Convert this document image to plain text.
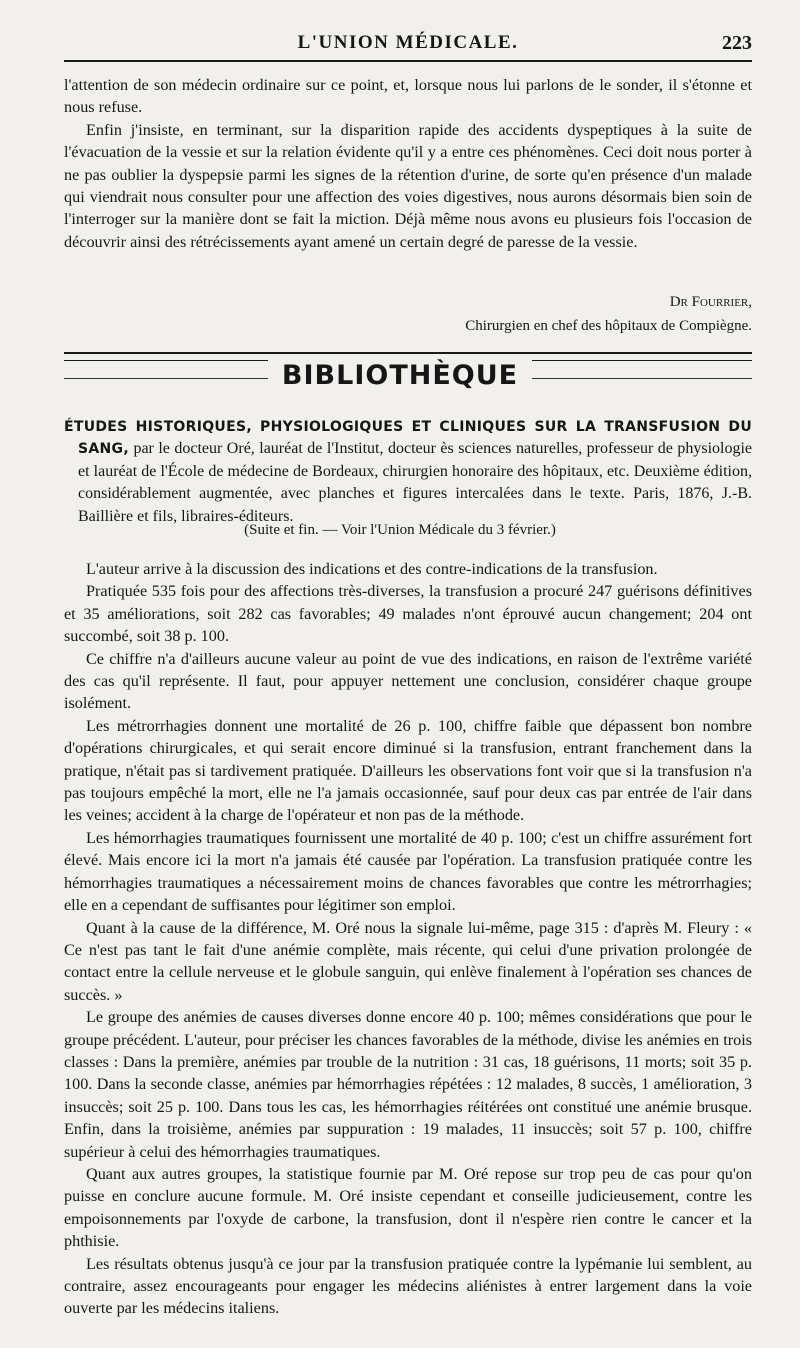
L'UNION MÉDICALE.	223

l'attention de son médecin ordinaire sur ce point, et, lorsque nous lui parlons de le sonder, il s'étonne et nous refuse.

Enfin j'insiste, en terminant, sur la disparition rapide des accidents dyspeptiques à la suite de l'évacuation de la vessie et sur la relation évidente qu'il y a entre ces phénomènes. Ceci doit nous porter à ne pas oublier la dyspepsie parmi les signes de la rétention d'urine, de sorte qu'en présence d'un malade qui viendrait nous consulter pour une affection des voies digestives, nous aurons désormais bien soin de l'interroger sur la manière dont se fait la miction. Déjà même nous avons eu plusieurs fois l'occasion de découvrir ainsi des rétrécissements ayant amené un certain degré de paresse de la vessie.

Dr Fourrier,
Chirurgien en chef des hôpitaux de Compiègne.
BIBLIOTHÈQUE
ÉTUDES HISTORIQUES, PHYSIOLOGIQUES ET CLINIQUES SUR LA TRANSFUSION DU SANG, par le docteur Oré, lauréat de l'Institut, docteur ès sciences naturelles, professeur de physiologie et lauréat de l'École de médecine de Bordeaux, chirurgien honoraire des hôpitaux, etc. Deuxième édition, considérablement augmentée, avec planches et figures intercalées dans le texte. Paris, 1876, J.-B. Baillière et fils, libraires-éditeurs.
(Suite et fin. — Voir l'Union Médicale du 3 février.)

L'auteur arrive à la discussion des indications et des contre-indications de la transfusion.

Pratiquée 535 fois pour des affections très-diverses, la transfusion a procuré 247 guérisons définitives et 35 améliorations, soit 282 cas favorables; 49 malades n'ont éprouvé aucun changement; 204 ont succombé, soit 38 p. 100.

Ce chiffre n'a d'ailleurs aucune valeur au point de vue des indications, en raison de l'extrême variété des cas qu'il représente. Il faut, pour appuyer nettement une conclusion, considérer chaque groupe isolément.

Les métrorrhagies donnent une mortalité de 26 p. 100, chiffre faible que dépassent bon nombre d'opérations chirurgicales, et qui serait encore diminué si la transfusion, entrant franchement dans la pratique, n'était pas si tardivement pratiquée. D'ailleurs les observations font voir que si la transfusion n'a pas toujours empêché la mort, elle ne l'a jamais occasionnée, sauf pour deux cas par entrée de l'air dans les veines; accident à la charge de l'opérateur et non pas de la méthode.

Les hémorrhagies traumatiques fournissent une mortalité de 40 p. 100; c'est un chiffre assurément fort élevé. Mais encore ici la mort n'a jamais été causée par l'opération. La transfusion pratiquée contre les hémorrhagies traumatiques a nécessairement moins de chances favorables que contre les métrorrhagies; elle en a cependant de suffisantes pour légitimer son emploi.

Quant à la cause de la différence, M. Oré nous la signale lui-même, page 315 : d'après M. Fleury : « Ce n'est pas tant le fait d'une anémie complète, mais récente, qui celui d'une privation prolongée de contact entre la cellule nerveuse et le globule sanguin, qui enlève finalement à l'opération ses chances de succès. »

Le groupe des anémies de causes diverses donne encore 40 p. 100; mêmes considérations que pour le groupe précédent. L'auteur, pour préciser les chances favorables de la méthode, divise les anémies en trois classes : Dans la première, anémies par trouble de la nutrition : 31 cas, 18 guérisons, 11 morts; soit 35 p. 100. Dans la seconde classe, anémies par hémorrhagies répétées : 12 malades, 8 succès, 1 amélioration, 3 insuccès; soit 25 p. 100. Dans tous les cas, les hémorrhagies réitérées ont constitué une anémie brusque. Enfin, dans la troisième, anémies par suppuration : 19 malades, 11 insuccès; soit 57 p. 100, chiffre supérieur à celui des hémorrhagies traumatiques.

Quant aux autres groupes, la statistique fournie par M. Oré repose sur trop peu de cas pour qu'on puisse en conclure aucune formule. M. Oré insiste cependant et conseille judicieusement, contre les empoisonnements par l'oxyde de carbone, la transfusion, dont il n'espère rien contre le cancer et la phthisie.

Les résultats obtenus jusqu'à ce jour par la transfusion pratiquée contre la lypémanie lui semblent, au contraire, assez encourageants pour engager les médecins aliénistes à entrer largement dans la voie ouverte par les médecins italiens.
